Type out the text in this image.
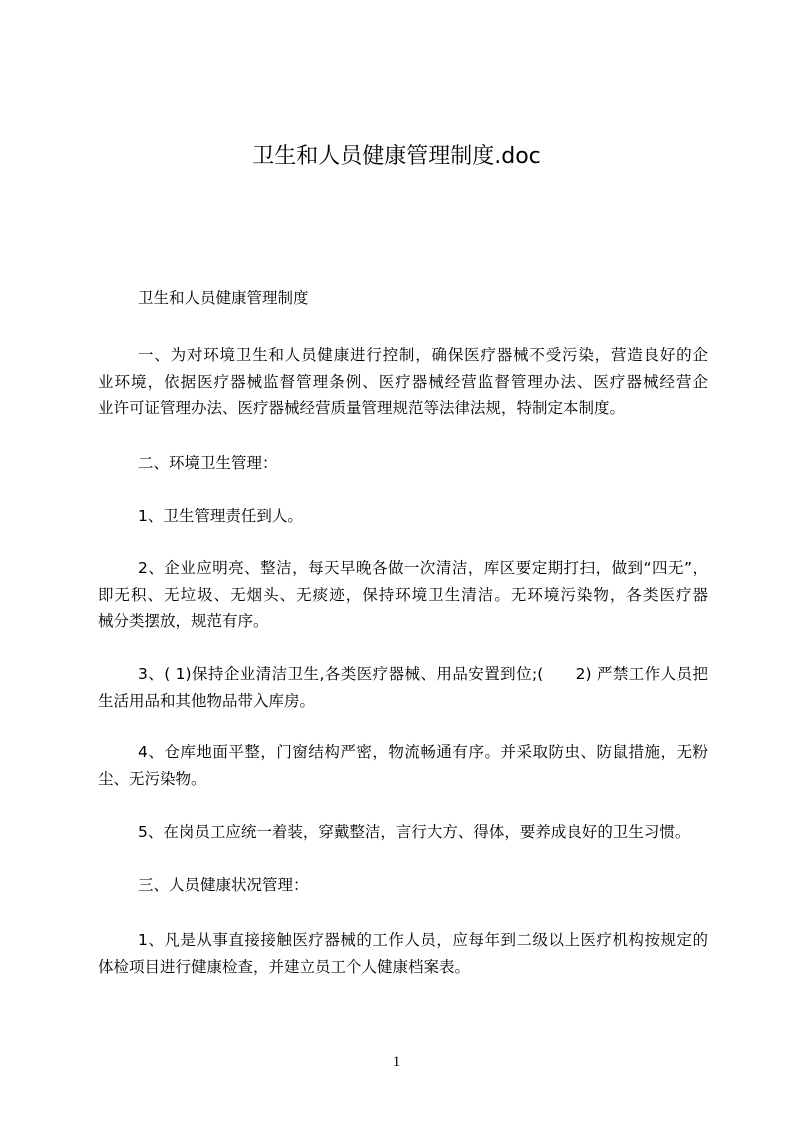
卫生和人员健康管理制度.doc
卫生和人员健康管理制度
一、为对环境卫生和人员健康进行控制，确保医疗器械不受污染，营造良好的企
业环境，依据医疗器械监督管理条例、医疗器械经营监督管理办法、医疗器械经营企
业许可证管理办法、医疗器械经营质量管理规范等法律法规，特制定本制度。
二、环境卫生管理：
1、卫生管理责任到人。
2、企业应明亮、整洁，每天早晚各做一次清洁，库区要定期打扫，做到“四无”，
即无积、无垃圾、无烟头、无痰迹，保持环境卫生清洁。无环境污染物，各类医疗器
械分类摆放，规范有序。
3、( 1)保持企业清洁卫生,各类医疗器械、用品安置到位;(　　2) 严禁工作人员把
生活用品和其他物品带入库房。
4、仓库地面平整，门窗结构严密，物流畅通有序。并采取防虫、防鼠措施，无粉
尘、无污染物。
5、在岗员工应统一着装，穿戴整洁，言行大方、得体，要养成良好的卫生习惯。
三、人员健康状况管理：
1、凡是从事直接接触医疗器械的工作人员，应每年到二级以上医疗机构按规定的
体检项目进行健康检查，并建立员工个人健康档案表。
1
